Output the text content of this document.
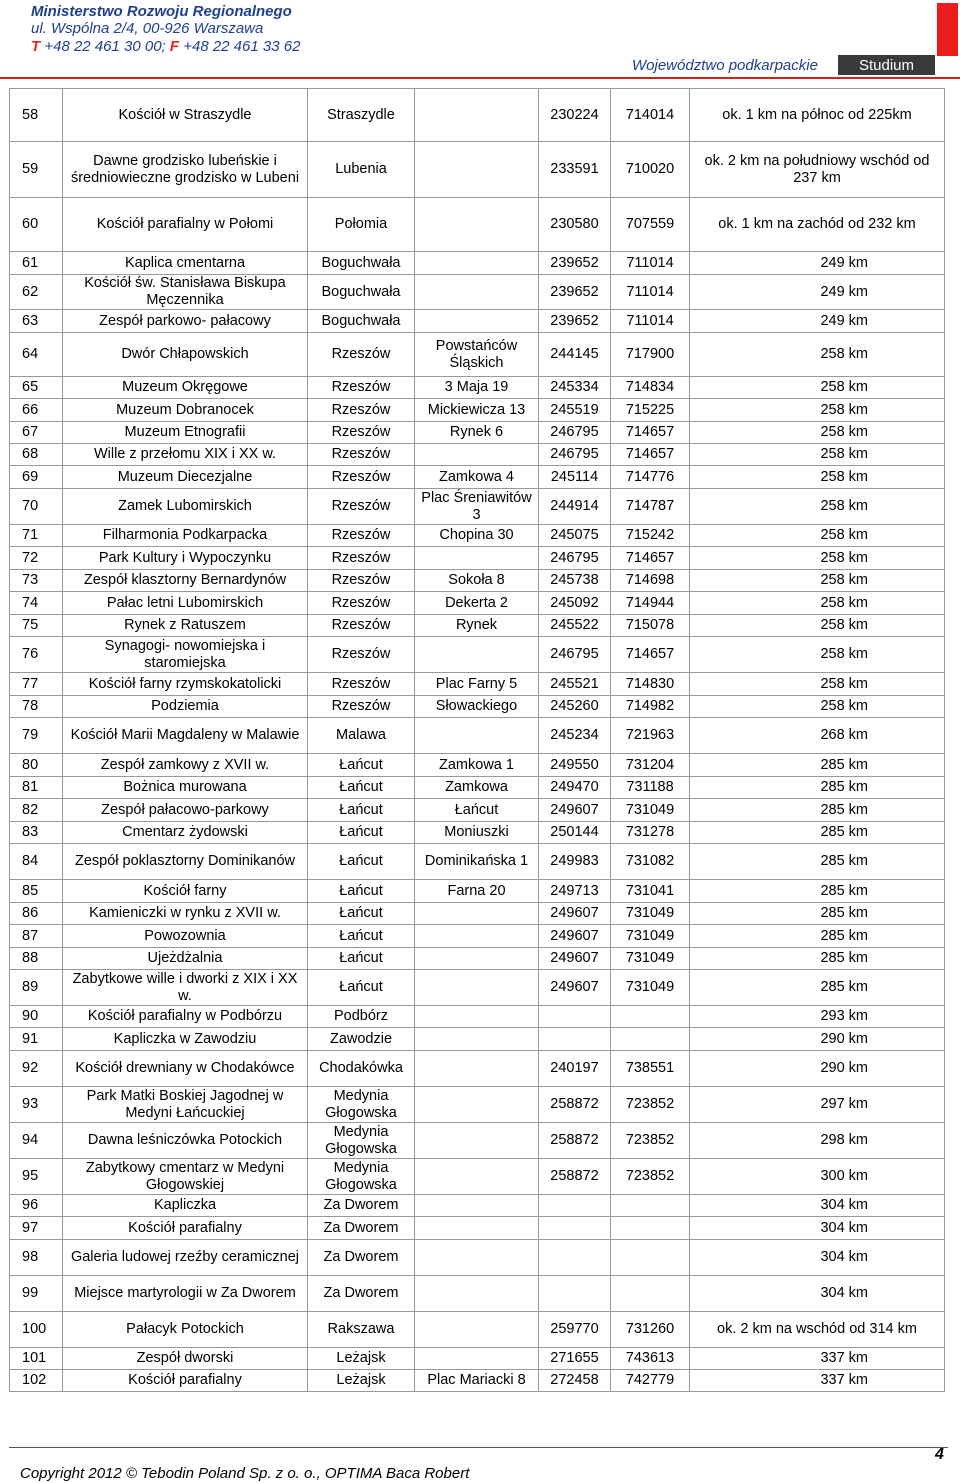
Ministerstwo Rozwoju Regionalnego
ul. Wspólna 2/4, 00-926 Warszawa
T +48 22 461 30 00; F +48 22 461 33 62
Województwo podkarpackie	Studium
58	Kościół w Straszydle	Straszydle		230224	714014	ok. 1 km na północ od 225km
59	Dawne grodzisko lubeńskie i średniowieczne grodzisko w Lubeni	Lubenia		233591	710020	ok. 2 km na południowy wschód od 237 km
60	Kościół parafialny w Połomi	Połomia		230580	707559	ok. 1 km na zachód od 232 km
61	Kaplica cmentarna	Boguchwała		239652	711014	249 km
62	Kościół św. Stanisława Biskupa Męczennika	Boguchwała		239652	711014	249 km
63	Zespół parkowo- pałacowy	Boguchwała		239652	711014	249 km
64	Dwór Chłapowskich	Rzeszów	Powstańców Śląskich	244145	717900	258 km
65	Muzeum Okręgowe	Rzeszów	3 Maja 19	245334	714834	258 km
66	Muzeum Dobranocek	Rzeszów	Mickiewicza 13	245519	715225	258 km
67	Muzeum Etnografii	Rzeszów	Rynek 6	246795	714657	258 km
68	Wille z przełomu XIX i XX w.	Rzeszów		246795	714657	258 km
69	Muzeum Diecezjalne	Rzeszów	Zamkowa 4	245114	714776	258 km
70	Zamek Lubomirskich	Rzeszów	Plac Śreniawitów 3	244914	714787	258 km
71	Filharmonia Podkarpacka	Rzeszów	Chopina 30	245075	715242	258 km
72	Park Kultury i Wypoczynku	Rzeszów		246795	714657	258 km
73	Zespół klasztorny Bernardynów	Rzeszów	Sokoła 8	245738	714698	258 km
74	Pałac letni Lubomirskich	Rzeszów	Dekerta 2	245092	714944	258 km
75	Rynek z Ratuszem	Rzeszów	Rynek	245522	715078	258 km
76	Synagogi- nowomiejska i staromiejska	Rzeszów		246795	714657	258 km
77	Kościół farny rzymskokatolicki	Rzeszów	Plac Farny 5	245521	714830	258 km
78	Podziemia	Rzeszów	Słowackiego	245260	714982	258 km
79	Kościół Marii Magdaleny w Malawie	Malawa		245234	721963	268 km
80	Zespół zamkowy z XVII w.	Łańcut	Zamkowa 1	249550	731204	285 km
81	Bożnica murowana	Łańcut	Zamkowa	249470	731188	285 km
82	Zespół pałacowo-parkowy	Łańcut	Łańcut	249607	731049	285 km
83	Cmentarz żydowski	Łańcut	Moniuszki	250144	731278	285 km
84	Zespół poklasztorny Dominikanów	Łańcut	Dominikańska 1	249983	731082	285 km
85	Kościół farny	Łańcut	Farna 20	249713	731041	285 km
86	Kamieniczki w rynku z XVII w.	Łańcut		249607	731049	285 km
87	Powozownia	Łańcut		249607	731049	285 km
88	Ujeżdżalnia	Łańcut		249607	731049	285 km
89	Zabytkowe wille i dworki z XIX i XX w.	Łańcut		249607	731049	285 km
90	Kościół parafialny w Podbórzu	Podbórz				293 km
91	Kapliczka w Zawodziu	Zawodzie				290 km
92	Kościół drewniany w Chodakówce	Chodakówka		240197	738551	290 km
93	Park Matki Boskiej Jagodnej w Medyni Łańcuckiej	Medynia Głogowska		258872	723852	297 km
94	Dawna leśniczówka Potockich	Medynia Głogowska		258872	723852	298 km
95	Zabytkowy cmentarz w Medyni Głogowskiej	Medynia Głogowska		258872	723852	300 km
96	Kapliczka	Za Dworem				304 km
97	Kościół parafialny	Za Dworem				304 km
98	Galeria ludowej rzeźby ceramicznej	Za Dworem				304 km
99	Miejsce martyrologii w Za Dworem	Za Dworem				304 km
100	Pałacyk Potockich	Rakszawa		259770	731260	ok. 2 km na wschód od 314 km
101	Zespół dworski	Leżajsk		271655	743613	337 km
102	Kościół parafialny	Leżajsk	Plac Mariacki 8	272458	742779	337 km
Copyright 2012 © Tebodin Poland Sp. z o. o., OPTIMA Baca Robert
4
